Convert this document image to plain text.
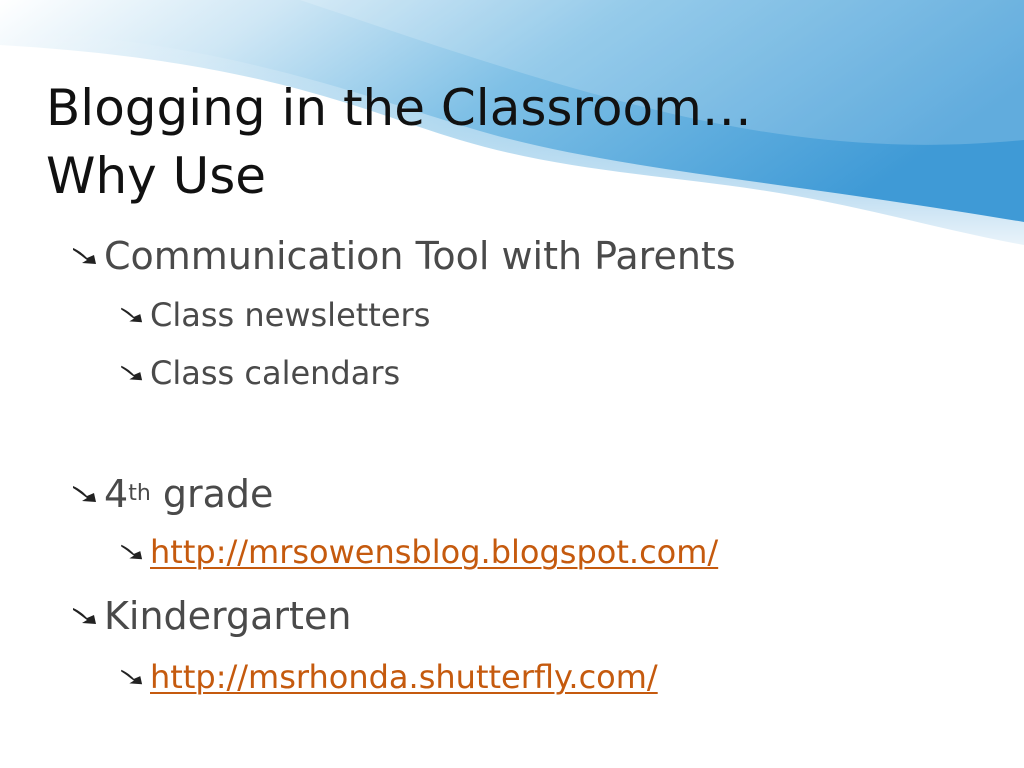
Blogging in the Classroom…
Why Use
Communication Tool with Parents
Class newsletters
Class calendars
4 th grade
http://mrsowensblog.blogspot.com/
Kindergarten
http://msrhonda.shutterfly.com/
